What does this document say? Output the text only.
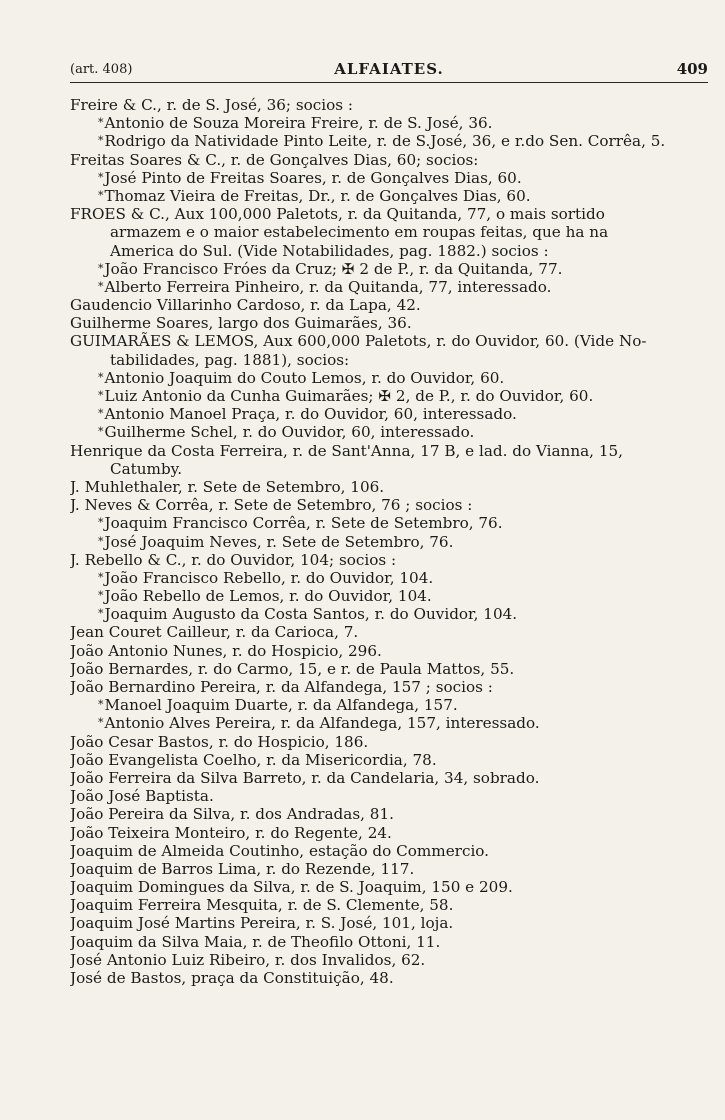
(art. 408)	ALFAIATES.	409
Freire & C., r. de S. José, 36; socios :
*Antonio de Souza Moreira Freire, r. de S. José, 36.
*Rodrigo da Natividade Pinto Leite, r. de S.José, 36, e r.do Sen. Corrêa, 5.
Freitas Soares & C., r. de Gonçalves Dias, 60; socios:
*José Pinto de Freitas Soares, r. de Gonçalves Dias, 60.
*Thomaz Vieira de Freitas, Dr., r. de Gonçalves Dias, 60.
FROES & C., Aux 100,000 Paletots, r. da Quitanda, 77, o mais sortido
armazem e o maior estabelecimento em roupas feitas, que ha na
America do Sul. (Vide Notabilidades, pag. 1882.) socios :
*João Francisco Fróes da Cruz; ✠ 2 de P., r. da Quitanda, 77.
*Alberto Ferreira Pinheiro, r. da Quitanda, 77, interessado.
Gaudencio Villarinho Cardoso, r. da Lapa, 42.
Guilherme Soares, largo dos Guimarães, 36.
GUIMARÃES & LEMOS, Aux 600,000 Paletots, r. do Ouvidor, 60. (Vide No-
tabilidades, pag. 1881), socios:
*Antonio Joaquim do Couto Lemos, r. do Ouvidor, 60.
*Luiz Antonio da Cunha Guimarães; ✠ 2, de P., r. do Ouvidor, 60.
*Antonio Manoel Praça, r. do Ouvidor, 60, interessado.
*Guilherme Schel, r. do Ouvidor, 60, interessado.
Henrique da Costa Ferreira, r. de Sant'Anna, 17 B, e lad. do Vianna, 15,
Catumby.
J. Muhlethaler, r. Sete de Setembro, 106.
J. Neves & Corrêa, r. Sete de Setembro, 76 ; socios :
*Joaquim Francisco Corrêa, r. Sete de Setembro, 76.
*José Joaquim Neves, r. Sete de Setembro, 76.
J. Rebello & C., r. do Ouvidor, 104; socios :
*João Francisco Rebello, r. do Ouvidor, 104.
*João Rebello de Lemos, r. do Ouvidor, 104.
*Joaquim Augusto da Costa Santos, r. do Ouvidor, 104.
Jean Couret Cailleur, r. da Carioca, 7.
João Antonio Nunes, r. do Hospicio, 296.
João Bernardes, r. do Carmo, 15, e r. de Paula Mattos, 55.
João Bernardino Pereira, r. da Alfandega, 157 ; socios :
*Manoel Joaquim Duarte, r. da Alfandega, 157.
*Antonio Alves Pereira, r. da Alfandega, 157, interessado.
João Cesar Bastos, r. do Hospicio, 186.
João Evangelista Coelho, r. da Misericordia, 78.
João Ferreira da Silva Barreto, r. da Candelaria, 34, sobrado.
João José Baptista.
João Pereira da Silva, r. dos Andradas, 81.
João Teixeira Monteiro, r. do Regente, 24.
Joaquim de Almeida Coutinho, estação do Commercio.
Joaquim de Barros Lima, r. do Rezende, 117.
Joaquim Domingues da Silva, r. de S. Joaquim, 150 e 209.
Joaquim Ferreira Mesquita, r. de S. Clemente, 58.
Joaquim José Martins Pereira, r. S. José, 101, loja.
Joaquim da Silva Maia, r. de Theofilo Ottoni, 11.
José Antonio Luiz Ribeiro, r. dos Invalidos, 62.
José de Bastos, praça da Constituição, 48.
